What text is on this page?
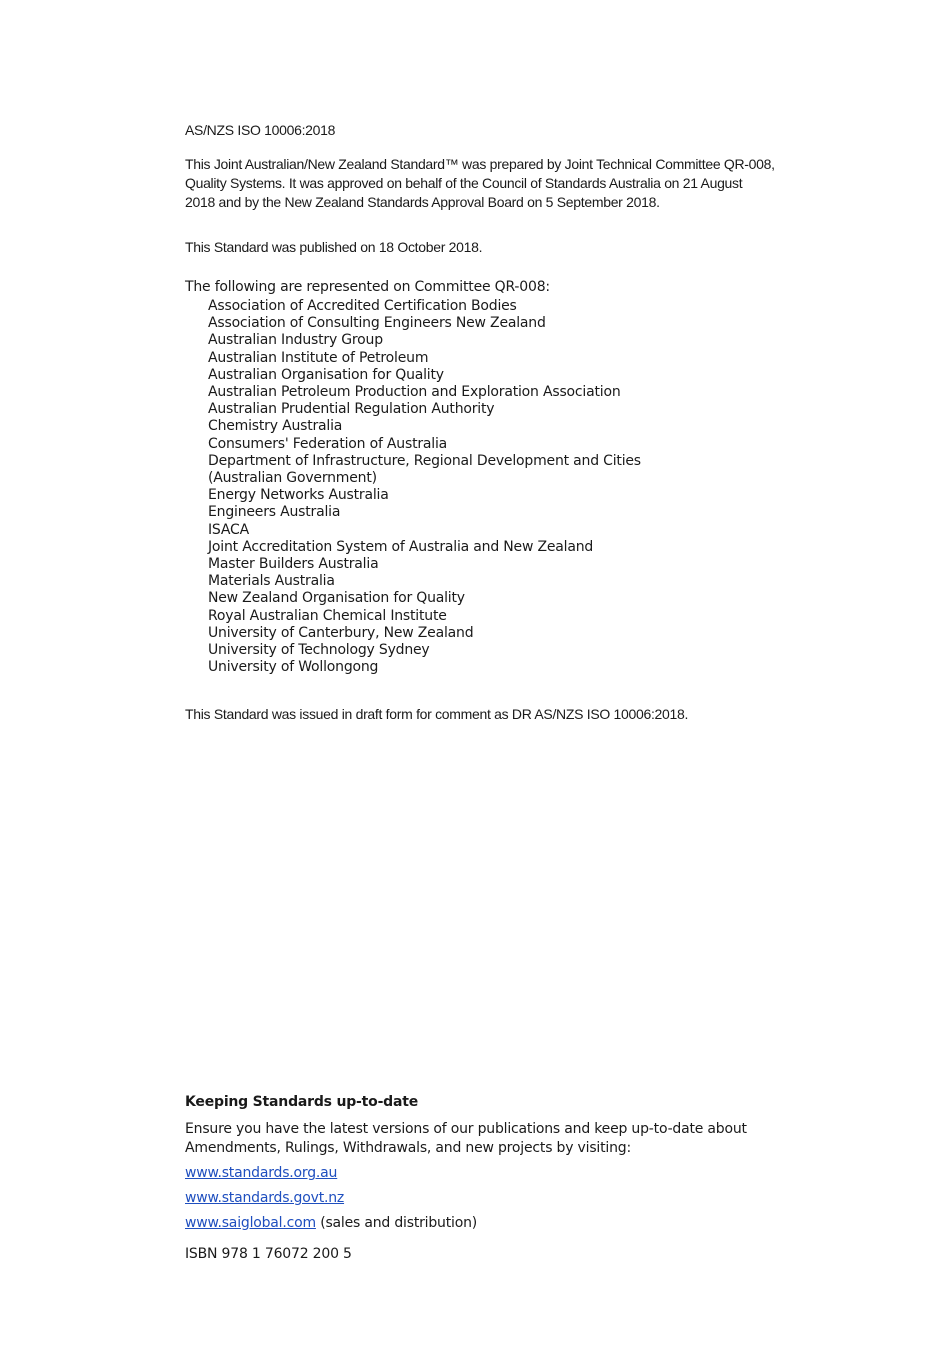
AS/NZS ISO 10006:2018

This Joint Australian/New Zealand Standard™ was prepared by Joint Technical Committee QR-008, Quality Systems. It was approved on behalf of the Council of Standards Australia on 21 August 2018 and by the New Zealand Standards Approval Board on 5 September 2018.

This Standard was published on 18 October 2018.

The following are represented on Committee QR-008:

Association of Accredited Certification Bodies
Association of Consulting Engineers New Zealand
Australian Industry Group
Australian Institute of Petroleum
Australian Organisation for Quality
Australian Petroleum Production and Exploration Association
Australian Prudential Regulation Authority
Chemistry Australia
Consumers' Federation of Australia
Department of Infrastructure, Regional Development and Cities
(Australian Government)
Energy Networks Australia
Engineers Australia
ISACA
Joint Accreditation System of Australia and New Zealand
Master Builders Australia
Materials Australia
New Zealand Organisation for Quality
Royal Australian Chemical Institute
University of Canterbury, New Zealand
University of Technology Sydney
University of Wollongong

This Standard was issued in draft form for comment as DR AS/NZS ISO 10006:2018.

Keeping Standards up-to-date

Ensure you have the latest versions of our publications and keep up-to-date about Amendments, Rulings, Withdrawals, and new projects by visiting:

www.standards.org.au

www.standards.govt.nz

www.saiglobal.com (sales and distribution)

ISBN 978 1 76072 200 5
